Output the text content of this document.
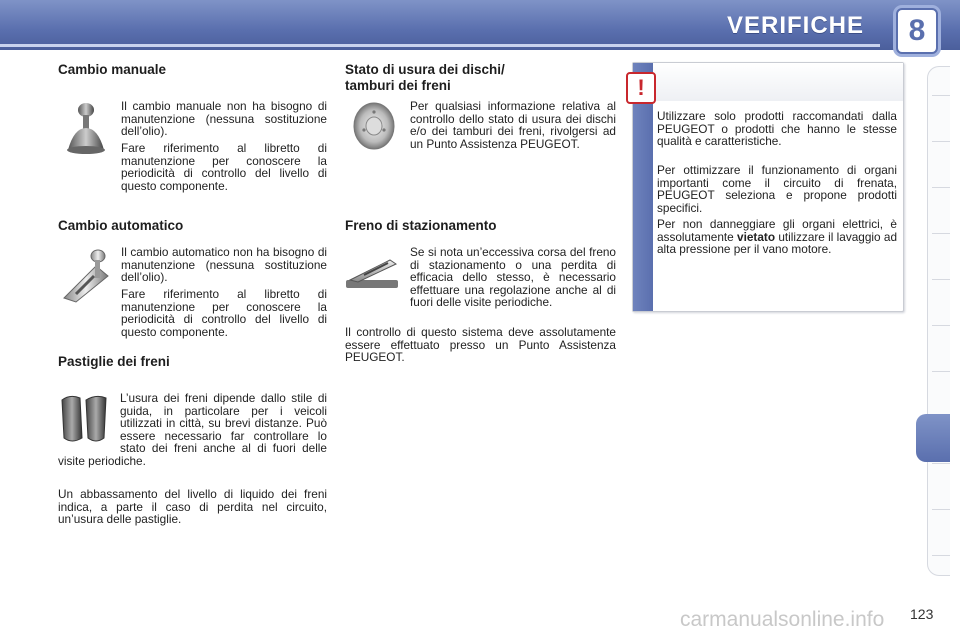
VERIFICHE	8
Cambio manuale

Il cambio manuale non ha bisogno di manutenzione (nessuna sostituzione dell’olio).

Fare riferimento al libretto di manutenzione per conoscere la periodicità di controllo del livello di questo componente.

Cambio automatico

Il cambio automatico non ha bisogno di manutenzione (nessuna sostituzione dell’olio).

Fare riferimento al libretto di manutenzione per conoscere la periodicità di controllo del livello di questo componente.

Pastiglie dei freni

L’usura dei freni dipende dallo stile di guida, in particolare per i veicoli utilizzati in città, su brevi distanze. Può essere necessario far controllare lo stato dei freni anche al di fuori delle visite periodiche.

Un abbassamento del livello di liquido dei freni indica, a parte il caso di perdita nel circuito, un’usura delle pastiglie.

Stato di usura dei dischi/
tamburi dei freni

Per qualsiasi informazione relativa al controllo dello stato di usura dei dischi e/o dei tamburi dei freni, rivolgersi ad un Punto Assistenza PEUGEOT.

Freno di stazionamento

Se si nota un’eccessiva corsa del freno di stazionamento o una perdita di efficacia dello stesso, è necessario effettuare una regolazione anche al di fuori delle visite periodiche.

Il controllo di questo sistema deve assolutamente essere effettuato presso un Punto Assistenza PEUGEOT.

!

Utilizzare solo prodotti raccomandati dalla PEUGEOT o prodotti che hanno le stesse qualità e caratteristiche.

Per ottimizzare il funzionamento di organi importanti come il circuito di frenata, PEUGEOT seleziona e propone prodotti specifici.

Per non danneggiare gli organi elettrici, è assolutamente vietato utilizzare il lavaggio ad alta pressione per il vano motore.

carmanualsonline.info 123
